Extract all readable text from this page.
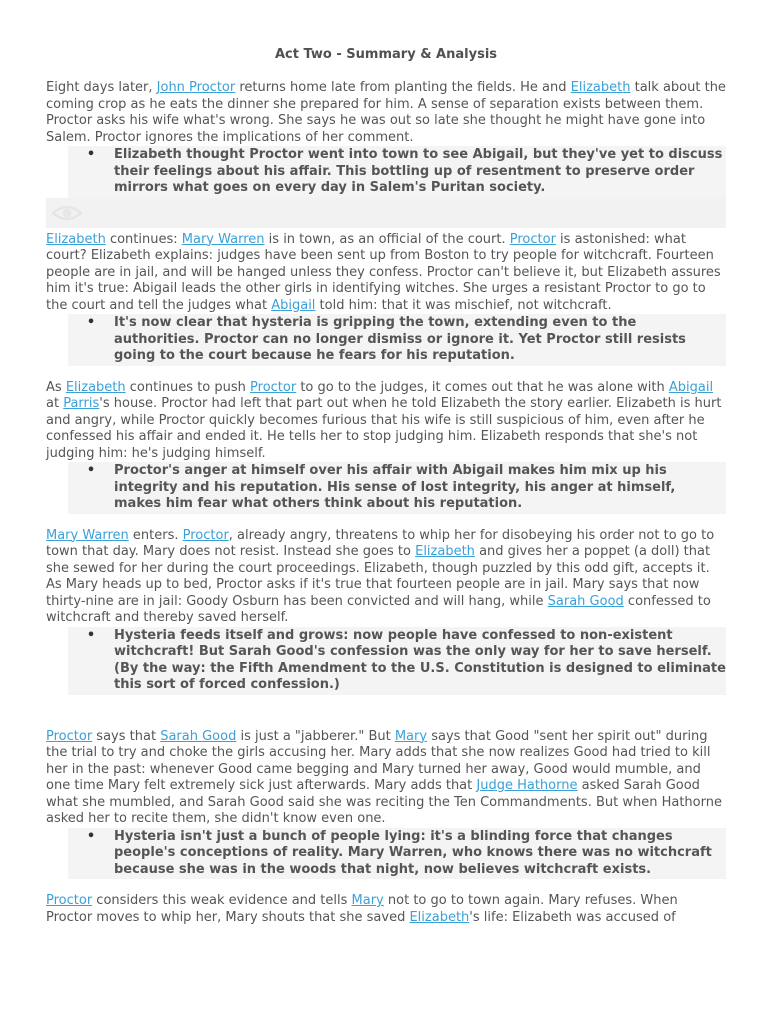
Act Two - Summary & Analysis

Eight days later, John Proctor returns home late from planting the fields. He and Elizabeth talk about the coming crop as he eats the dinner she prepared for him. A sense of separation exists between them. Proctor asks his wife what's wrong. She says he was out so late she thought he might have gone into Salem. Proctor ignores the implications of her comment.

•	Elizabeth thought Proctor went into town to see Abigail, but they've yet to discuss their feelings about his affair. This bottling up of resentment to preserve order mirrors what goes on every day in Salem's Puritan society.

Elizabeth continues: Mary Warren is in town, as an official of the court. Proctor is astonished: what court? Elizabeth explains: judges have been sent up from Boston to try people for witchcraft. Fourteen people are in jail, and will be hanged unless they confess. Proctor can't believe it, but Elizabeth assures him it's true: Abigail leads the other girls in identifying witches. She urges a resistant Proctor to go to the court and tell the judges what Abigail told him: that it was mischief, not witchcraft.

•	It's now clear that hysteria is gripping the town, extending even to the authorities. Proctor can no longer dismiss or ignore it. Yet Proctor still resists going to the court because he fears for his reputation.

As Elizabeth continues to push Proctor to go to the judges, it comes out that he was alone with Abigail at Parris's house. Proctor had left that part out when he told Elizabeth the story earlier. Elizabeth is hurt and angry, while Proctor quickly becomes furious that his wife is still suspicious of him, even after he confessed his affair and ended it. He tells her to stop judging him. Elizabeth responds that she's not judging him: he's judging himself.

•	Proctor's anger at himself over his affair with Abigail makes him mix up his integrity and his reputation. His sense of lost integrity, his anger at himself, makes him fear what others think about his reputation.

Mary Warren enters. Proctor, already angry, threatens to whip her for disobeying his order not to go to town that day. Mary does not resist. Instead she goes to Elizabeth and gives her a poppet (a doll) that she sewed for her during the court proceedings. Elizabeth, though puzzled by this odd gift, accepts it. As Mary heads up to bed, Proctor asks if it's true that fourteen people are in jail. Mary says that now thirty-nine are in jail: Goody Osburn has been convicted and will hang, while Sarah Good confessed to witchcraft and thereby saved herself.

•	Hysteria feeds itself and grows: now people have confessed to non-existent witchcraft! But Sarah Good's confession was the only way for her to save herself. (By the way: the Fifth Amendment to the U.S. Constitution is designed to eliminate this sort of forced confession.)

Proctor says that Sarah Good is just a "jabberer." But Mary says that Good "sent her spirit out" during the trial to try and choke the girls accusing her. Mary adds that she now realizes Good had tried to kill her in the past: whenever Good came begging and Mary turned her away, Good would mumble, and one time Mary felt extremely sick just afterwards. Mary adds that Judge Hathorne asked Sarah Good what she mumbled, and Sarah Good said she was reciting the Ten Commandments. But when Hathorne asked her to recite them, she didn't know even one.

•	Hysteria isn't just a bunch of people lying: it's a blinding force that changes people's conceptions of reality. Mary Warren, who knows there was no witchcraft because she was in the woods that night, now believes witchcraft exists.

Proctor considers this weak evidence and tells Mary not to go to town again. Mary refuses. When Proctor moves to whip her, Mary shouts that she saved Elizabeth's life: Elizabeth was accused of
